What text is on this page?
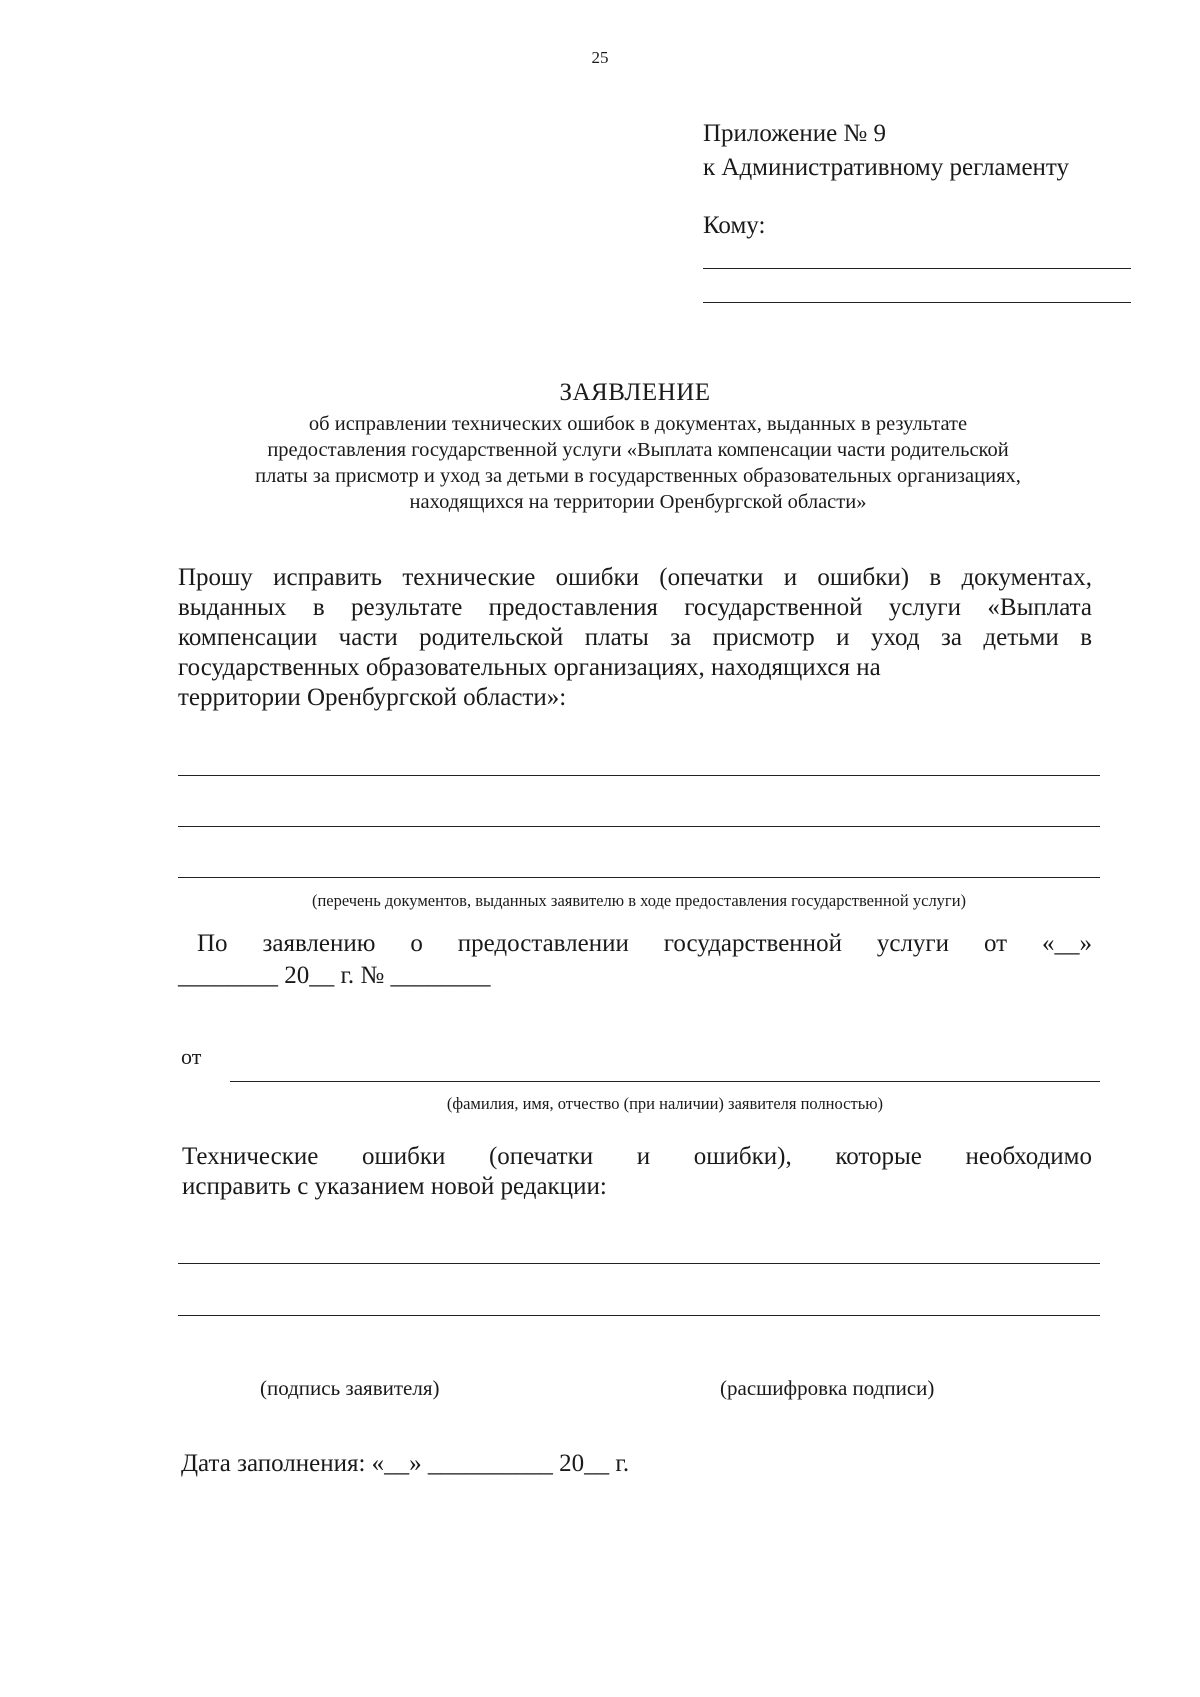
25
Приложение № 9
к Административному регламенту
Кому:
ЗАЯВЛЕНИЕ
об исправлении технических ошибок в документах, выданных в результате
предоставления государственной услуги «Выплата компенсации части родительской
платы за присмотр и уход за детьми в государственных образовательных организациях,
находящихся на территории Оренбургской области»
Прошу исправить технические ошибки (опечатки и ошибки) в документах, выданных в результате предоставления государственной услуги «Выплата компенсации части родительской платы за присмотр и уход за детьми в государственных образовательных организациях, находящихся на
территории Оренбургской области»:
(перечень документов, выданных заявителю в ходе предоставления государственной услуги)
По заявлению о предоставлении государственной услуги от «__»
________ 20__ г. № ________
от
(фамилия, имя, отчество (при наличии) заявителя полностью)
Технические ошибки (опечатки и ошибки), которые необходимо
исправить с указанием новой редакции:
(подпись заявителя)	(расшифровка подписи)
Дата заполнения: «__» __________ 20__ г.
